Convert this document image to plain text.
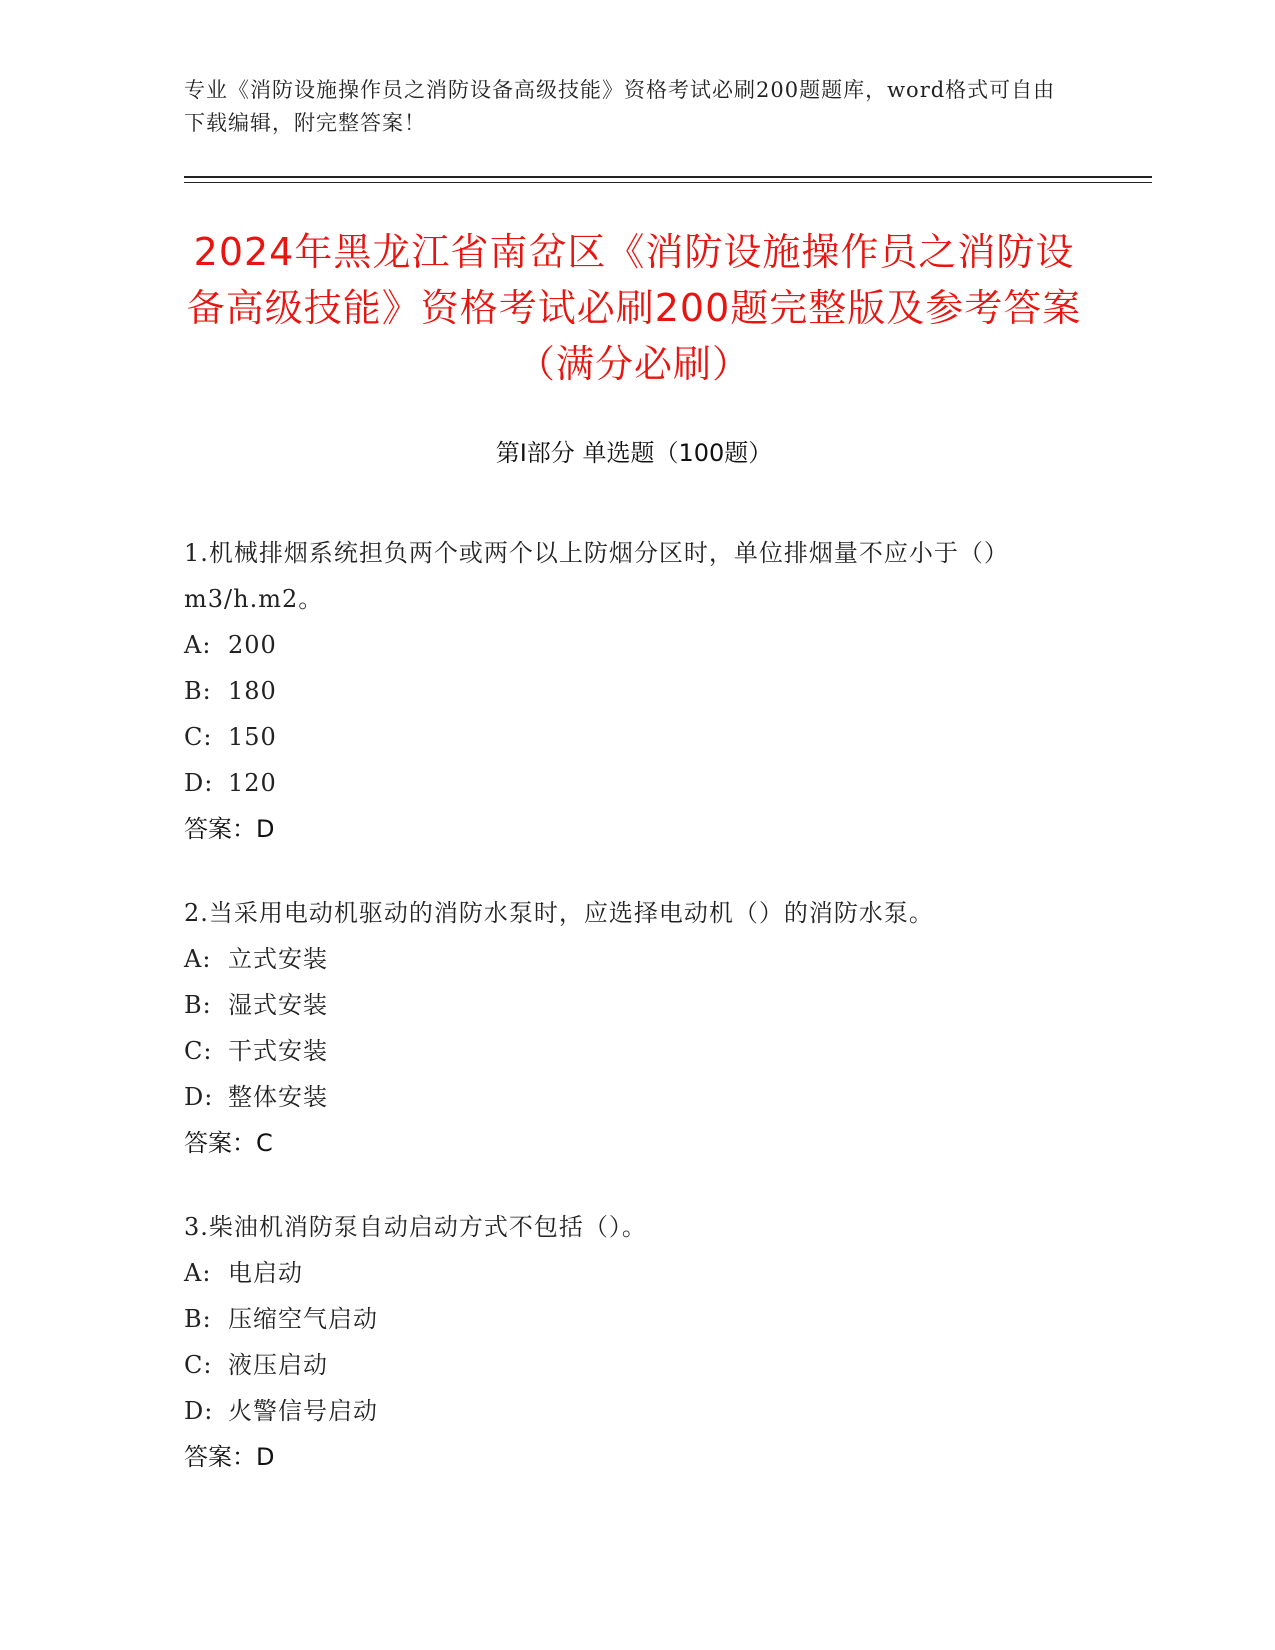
专业《消防设施操作员之消防设备高级技能》资格考试必刷200题题库，word格式可自由下载编辑，附完整答案！
2024年黑龙江省南岔区《消防设施操作员之消防设备高级技能》资格考试必刷200题完整版及参考答案（满分必刷）
第I部分 单选题（100题）
1.机械排烟系统担负两个或两个以上防烟分区时，单位排烟量不应小于（）m3/h.m2。
A: 200
B: 180
C: 150
D: 120
答案：D
2.当采用电动机驱动的消防水泵时，应选择电动机（）的消防水泵。
A: 立式安装
B: 湿式安装
C: 干式安装
D: 整体安装
答案：C
3.柴油机消防泵自动启动方式不包括（）。
A: 电启动
B: 压缩空气启动
C: 液压启动
D: 火警信号启动
答案：D
